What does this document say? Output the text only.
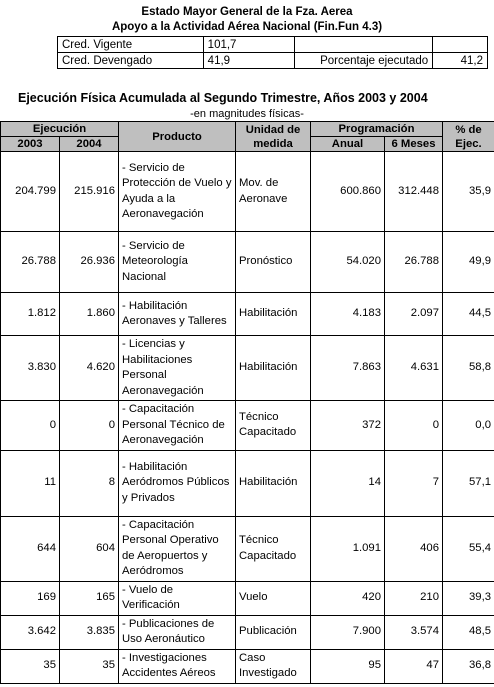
Estado Mayor General de la Fza. Aerea
Apoyo a la Actividad Aérea Nacional (Fin.Fun 4.3)
Cred. Vigente	101,7		
Cred. Devengado	41,9	Porcentaje ejecutado	41,2
Ejecución Física Acumulada al Segundo Trimestre, Años 2003 y 2004
-en magnitudes físicas-
Ejecución		Producto	Unidad de medida	Programación		% de Ejec.
2003	2004			Anual	6 Meses	
204.799	215.916	- Servicio de Protección de Vuelo y Ayuda a la Aeronavegación	Mov. de Aeronave	600.860	312.448	35,9
26.788	26.936	- Servicio de Meteorología Nacional	Pronóstico	54.020	26.788	49,9
1.812	1.860	- Habilitación Aeronaves y Talleres	Habilitación	4.183	2.097	44,5
3.830	4.620	- Licencias y Habilitaciones Personal Aeronavegación	Habilitación	7.863	4.631	58,8
0	0	- Capacitación Personal Técnico de Aeronavegación	Técnico Capacitado	372	0	0,0
11	8	- Habilitación Aeródromos Públicos y Privados	Habilitación	14	7	57,1
644	604	- Capacitación Personal Operativo de Aeropuertos y Aeródromos	Técnico Capacitado	1.091	406	55,4
169	165	- Vuelo de Verificación	Vuelo	420	210	39,3
3.642	3.835	- Publicaciones de Uso Aeronáutico	Publicación	7.900	3.574	48,5
35	35	- Investigaciones Accidentes Aéreos	Caso Investigado	95	47	36,8
